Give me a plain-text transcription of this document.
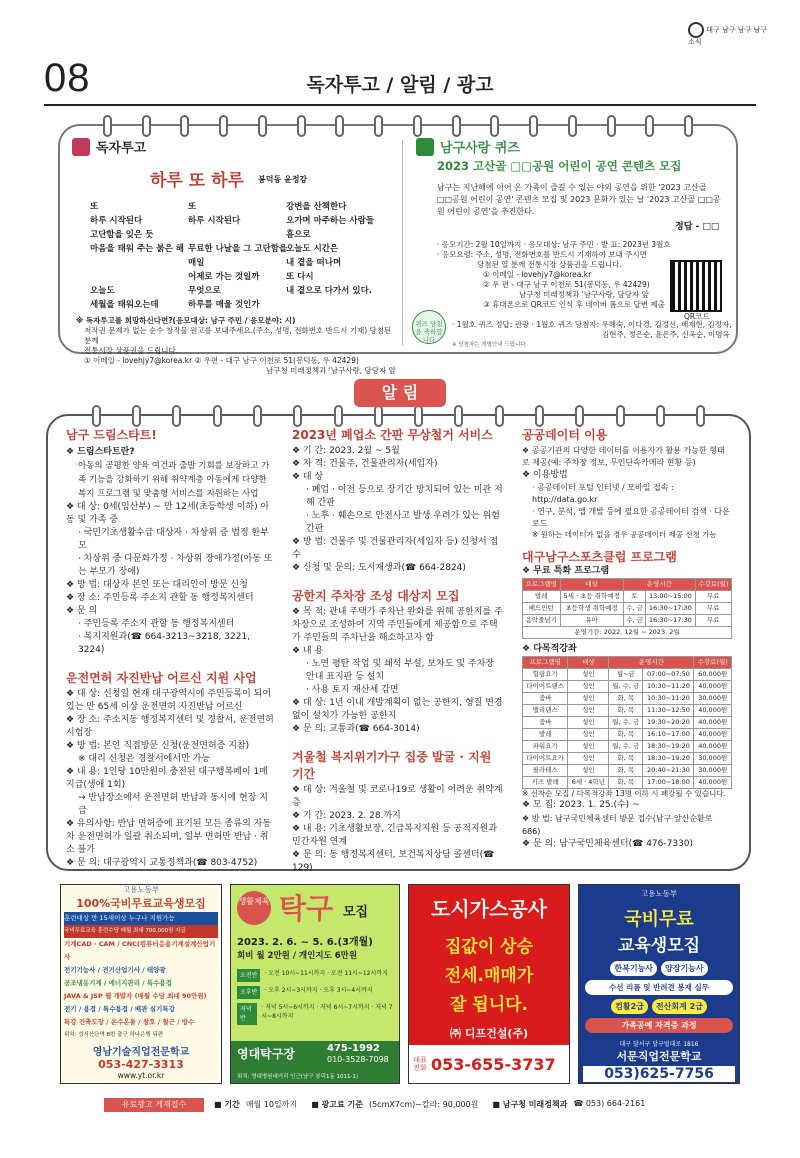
대구 남구 남구 남구소식
08	독자투고 / 알림 / 광고
독자투고
하루 또 하루 봉덕동 윤정강
또
하루 시작된다
고단함을 잊은 듯
마음을 태워 주는 붉은 해

오늘도
세월을 태워오는데
또
하루 시작된다

무료한 나날을 그 고단함을
매일
어제로 가는 것일까
무엇으로
하루를 매울 것인가
강변을 산책한다
오가며 마주하는 사람들
흠으로
오늘도 시간은
내 곁을 떠나며
또 다시
내 곁으로 다가서 있다.
※ 독자투고를 희망하신다면?(응모대상: 남구 주민 / 응모분야: 시)
저작권 문제가 없는 순수 창작물 원고를 보내주세요.(주소, 성명, 전화번호 반드시 기재) 당첨된 분께
전통시장 상품권을 드립니다.
① 이메일 - lovehjy7@korea.kr ② 우편 - 대구 남구 이천로 51(봉덕동, 우 42429)
남구청 미래정책과 '남구사랑, 담당자 앞
남구사랑 퀴즈
2023 고산골 □□공원 어린이 공연 콘텐츠 모집
남구는 지난해에 이어 온 가족이 즐길 수 있는 야외 공연을 위한 '2023 고산골 □□공원 어린이 공연' 콘텐츠 모집 및 2023 문화가 있는 날 '2023 고산골 □□공원 어린이 공연'을 추진한다.
정답 - □□
· 응모기간: 2월 10일까지 · 응모대상: 남구 주민 · 발 표: 2023년 3월호
· 응모요령: 주소, 성명, 전화번호를 반드시 기재하여 보내 주시면
당첨된 열 분께 전통시장 상품권을 드립니다.
① 이메일 - lovehjy7@korea.kr
② 우 편 - 대구 남구 이천로 51(봉덕동, 우 42429)
남구청 미래정책과 '남구사랑, 담당자 앞
③ 휴대폰으로 QR코드 인식 후 네이버 폼으로 답변 제출
QR코드
퀴즈 당첨을 축하합니다
· 1월호 퀴즈 정답: 관광 · 1월호 퀴즈 당첨자: 우혜숙, 이다경, 김정선, 배재현, 김정자,
김현주, 정은순, 윤은주, 신옥순, 이명옥
※ 당첨자는 개별안내 드립니다
알 림
남구 드림스타트!
❖ 드림스타트란?
아동의 공평한 양육 여건과 출발 기회를 보장하고 가족 기능을 강화하기 위해 취약계층 아동에게 다양한 복지 프로그램 및 맞춤형 서비스를 지원하는 사업
❖ 대 상: 0세(임산부) ~ 만 12세(초등학생 이하) 아동 및 가족 중
· 국민기초생활수급 대상자 · 차상위 중 법정 한부모
· 차상위 중 다문화가정 · 차상위 장애가정(아동 또는 부모가 장애)
❖ 방 법: 대상자 본인 또는 대리인이 방문 신청
❖ 장 소: 주민등록 주소지 관할 동 행정복지센터
❖ 문 의
· 주민등록 주소지 관할 동 행정복지센터
· 복지지원과(☎ 664-3213~3218, 3221, 3224)
운전면허 자진반납 어르신 지원 사업
❖ 대 상: 신청일 현재 대구광역시에 주민등록이 되어 있는 만 65세 이상 운전면허 자진반납 어르신
❖ 장 소: 주소지동 행정복지센터 및 경찰서, 운전면허시험장
❖ 방 법: 본인 직접방문 신청(운전면허증 지참)
※ 대리 신청은 경찰서에서만 가능
❖ 내 용: 1인당 10만원이 충전된 대구행복페이 1매 지급(생애 1회)
→ 반납장소에서 운전면허 반납과 동시에 현장 지급
❖ 유의사항: 반납 면허증에 표기된 모든 종류의 자동차 운전면허가 일괄 취소되며, 일부 면허만 반납 · 취소 불가
❖ 문 의: 대구광역시 교통정책과(☎ 803-4752)
2023년 폐업소 간판 무상철거 서비스
❖ 기 간: 2023. 2월 ~ 5월
❖ 자 격: 건물주, 건물관리자(세입자)
❖ 대 상
· 폐업 · 이전 등으로 장기간 방치되어 있는 미관 저해 간판
· 노후 · 훼손으로 안전사고 발생 우려가 있는 위험 간판
❖ 방 법: 건물주 및 건물관리자(세입자 등) 신청서 접수
❖ 신청 및 문의: 도시재생과(☎ 664-2824)
공한지 주차장 조성 대상지 모집
❖ 목 적: 관내 주택가 주차난 완화를 위해 공한지를 주차장으로 조성하여 지역 주민들에게 제공함으로 주택가 주민들의 주차난을 해소하고자 함
❖ 내 용
· 노면 평탄 작업 및 쇄석 부설, 보차도 및 주차장 안내 표지판 등 설치
· 사용 토지 재산세 감면
❖ 대 상: 1년 이내 개발계획이 없는 공한지, 형질 변경 없이 설치가 가능한 공한지
❖ 문 의: 교통과(☎ 664-3014)
겨울철 복지위기가구 집중 발굴 · 지원 기간
❖ 대 상: 겨울철 및 코로나19로 생활이 어려운 취약계층
❖ 기 간: 2023. 2. 28.까지
❖ 내 용: 기초생활보장, 긴급복지지원 등 공적지원과 민간자원 연계
❖ 문 의: 동 행정복지센터, 보건복지상담 콜센터(☎ 129)
공공데이터 이용
❖ 공공기관의 다양한 데이터를 이용자가 활용 가능한 형태로 제공(예: 주차장 정보, 무인단속카메라 현황 등)
❖ 이용방법
· 공공데이터 포털 인터넷 / 모바일 접속 : http://data.go.kr
· 연구, 분석, 앱 개발 등에 필요한 공공데이터 검색 · 다운로드
※ 원하는 데이터가 없을 경우 공공데이터 제공 신청 가능
대구남구스포츠클럽 프로그램
❖ 무료 특화 프로그램
프로그램명	대상	운영시간		수강료(월)
발레	5세 · 초등 취학예정	토	13:00~15:00	무료
배드민턴	초등학생 취학예정	수, 금	16:30~17:30	무료
음악줄넘기	유아	수, 금	16:30~17:30	무료
운영기간: 2022. 12월 ~ 2023. 2월				
❖ 다목적강좌
프로그램명	대상	운영시간		수강료(월)
힐링요가	성인	월~금	07:00~07:50	60,000원
다이어트댄스	성인	월, 수, 금	10:30~11:20	40,000원
줌바	성인	화, 목	10:30~11:20	30,000원
밸리댄스	성인	화, 목	11:30~12:50	40,000원
줌바	성인	월, 수, 금	19:30~20:20	40,000원
발레	성인	화, 목	16:10~17:00	40,000원
파워요가	성인	월, 수, 금	18:30~19:20	40,000원
다이어트요가	성인	화, 목	18:30~19:20	30,000원
필라테스	성인	화, 목	20:40~21:30	30,000원
키즈 발레	6세 · 4학년	화, 목	17:00~18:00	40,000원
※ 선착순 모집 / 다목적강좌 13명 이하 시 폐강될 수 있습니다.
❖ 모 집: 2023. 1. 25.(수) ~
❖ 방 법: 남구국민체육센터 방문 접수(남구 앞산순환로 686)
❖ 문 의: 남구국민체육센터(☎ 476-7330)
고용노동부
100%국비무료교육생모집
훈련대상 만 15세이상 누구나 지원가능
국비무료교육 훈련수당 매월 최대 700,000원 지급
기계CAD · CAM / CNC(컴퓨터응용기계설계산업기사
전기기능사 / 전기산업기사 / 태양광
공조냉동기계 / 에너지관리 / 특수용접
JAVA & JSP 웹 개발자 (매월 수당 최대 90만원)
전기 / 용접 / 특수용접 / 배관 실기특강
특강 건축도장 / 온수온돌 / 창호 / 철근 / 방수
위치: 성서산단역 8번 출구 하나은행 뒤편
영남기술직업전문학교
053-427-3313
www.yt.or.kr
생활체육 탁구 모집
2023. 2. 6. ~ 5. 6.(3개월)
회비 월 2만원 / 개인지도 6만원
오전반	· 오전 10시~11시까지 · 오전 11시~12시까지
오후반	· 오후 2시~3시까지 · 오후 3시~4시까지
저녁반
· 저녁 5시~6시까지 · 저녁 6시~7시까지 · 저녁 7시~8시까지
영대탁구장	475-1992
010-3528-7098
위치: 영대병원네거리 인근(남구 봉덕1동 1011-1)
도시가스공사
집값이 상승
전세.매매가
잘 됩니다.
㈜ 디프건설(주)
대표전화 053-655-3737
고용노동부
국비무료
교육생모집
한복기능사	양장기능사
수선 리폼 및 반려견 봉재 실무
컴활2급	전산회계 2급
가족공예 자격증 과정
대구 달서구 달구벌대로 1816
서문직업전문학교
053)625-7756
유료광고 게재접수	■ 기간 매월 10일까지 ■ 광고료 기준 (5cmX7cm)~칼라: 90,000원 ■ 남구청 미래정책과 ☎ 053) 664-2161
